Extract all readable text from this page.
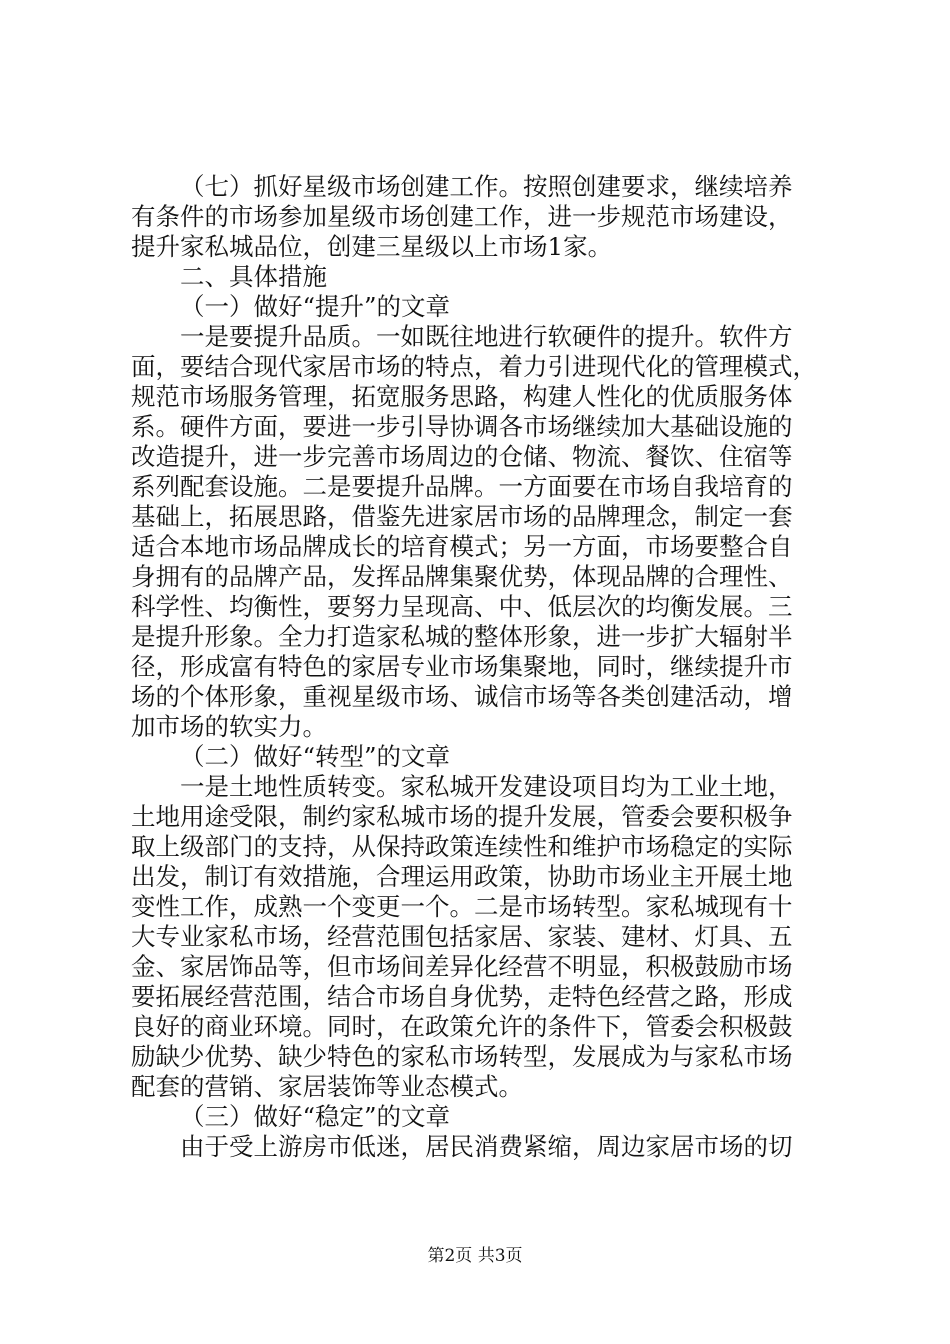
（七）抓好星级市场创建工作。按照创建要求，继续培养
有条件的市场参加星级市场创建工作，进一步规范市场建设，
提升家私城品位，创建三星级以上市场1家。
二、具体措施
（一）做好“提升”的文章
一是要提升品质。一如既往地进行软硬件的提升。软件方
面，要结合现代家居市场的特点，着力引进现代化的管理模式，
规范市场服务管理，拓宽服务思路，构建人性化的优质服务体
系。硬件方面，要进一步引导协调各市场继续加大基础设施的
改造提升，进一步完善市场周边的仓储、物流、餐饮、住宿等
系列配套设施。二是要提升品牌。一方面要在市场自我培育的
基础上，拓展思路，借鉴先进家居市场的品牌理念，制定一套
适合本地市场品牌成长的培育模式；另一方面，市场要整合自
身拥有的品牌产品，发挥品牌集聚优势，体现品牌的合理性、
科学性、均衡性，要努力呈现高、中、低层次的均衡发展。三
是提升形象。全力打造家私城的整体形象，进一步扩大辐射半
径，形成富有特色的家居专业市场集聚地，同时，继续提升市
场的个体形象，重视星级市场、诚信市场等各类创建活动，增
加市场的软实力。
（二）做好“转型”的文章
一是土地性质转变。家私城开发建设项目均为工业土地，
土地用途受限，制约家私城市场的提升发展，管委会要积极争
取上级部门的支持，从保持政策连续性和维护市场稳定的实际
出发，制订有效措施，合理运用政策，协助市场业主开展土地
变性工作，成熟一个变更一个。二是市场转型。家私城现有十
大专业家私市场，经营范围包括家居、家装、建材、灯具、五
金、家居饰品等，但市场间差异化经营不明显，积极鼓励市场
要拓展经营范围，结合市场自身优势，走特色经营之路，形成
良好的商业环境。同时，在政策允许的条件下，管委会积极鼓
励缺少优势、缺少特色的家私市场转型，发展成为与家私市场
配套的营销、家居装饰等业态模式。
（三）做好“稳定”的文章
由于受上游房市低迷，居民消费紧缩，周边家居市场的切
第2页 共3页
